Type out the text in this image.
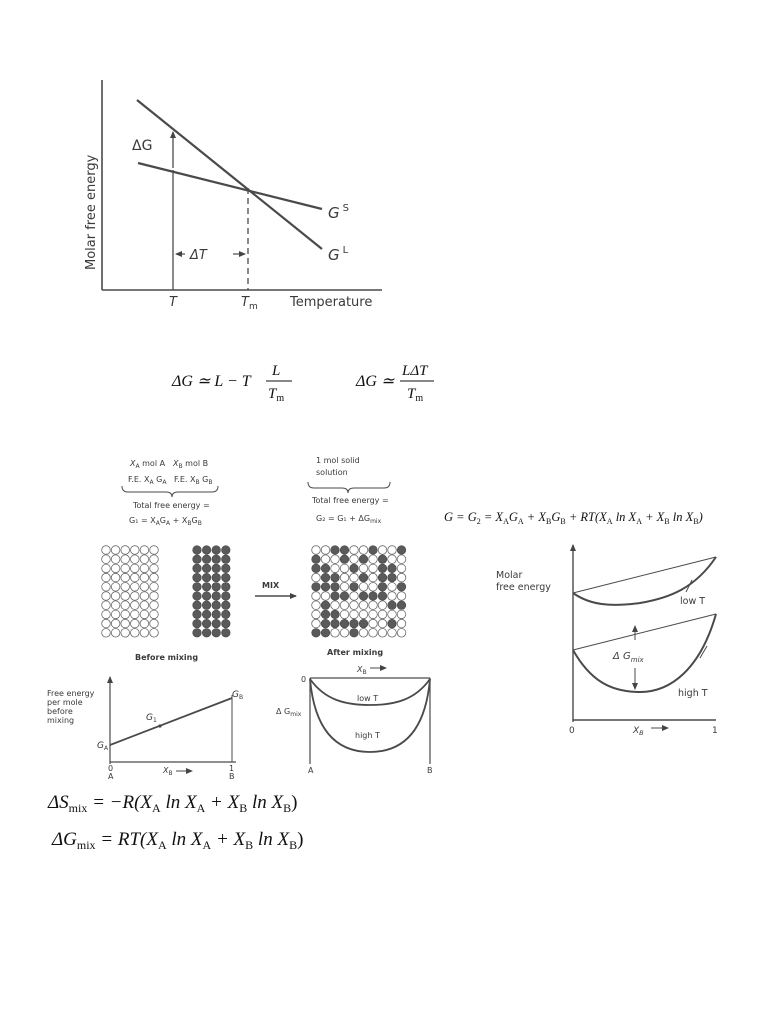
Molar free energy
Temperature
ΔG
ΔT
T	$T_m$
G $^S$
G $^L$
ΔG ≃ L − T
L
$T_m$
ΔG ≃
LΔT
$T_m$
$X_A$ mol A $X_B$ mol B
F.E. $X_A$ $G_A$ F.E. $X_B$ $G_B$
Total free energy =
$G_1 = X_AG_A + X_BG_B$
1 mol solid
solution
Total free energy =
$G_2 = G_1 + \Delta G_{mix}$
MIX
Before mixing
After mixing
Free energy
per mole
before
mixing
$G_A$
$G_B$
$G_1$
0
A
1
B
$X_B$
0
Δ $G_{mix}$
$X_B$
low T
high T
A	B
$G = G_2 = X_AG_A + X_BG_B + RT(X_A$ $\ln X_A + X_B$ $\ln X_B$)
Molar
free energy
low T
high T
Δ $G_{mix}$
0	1
$X_B$
$\Delta S_{mix} = -R(X_A$ $\ln X_A + X_B$ $\ln X_B$)
$\Delta G_{mix} = RT(X_A$ $\ln X_A + X_B$ $\ln X_B$)
